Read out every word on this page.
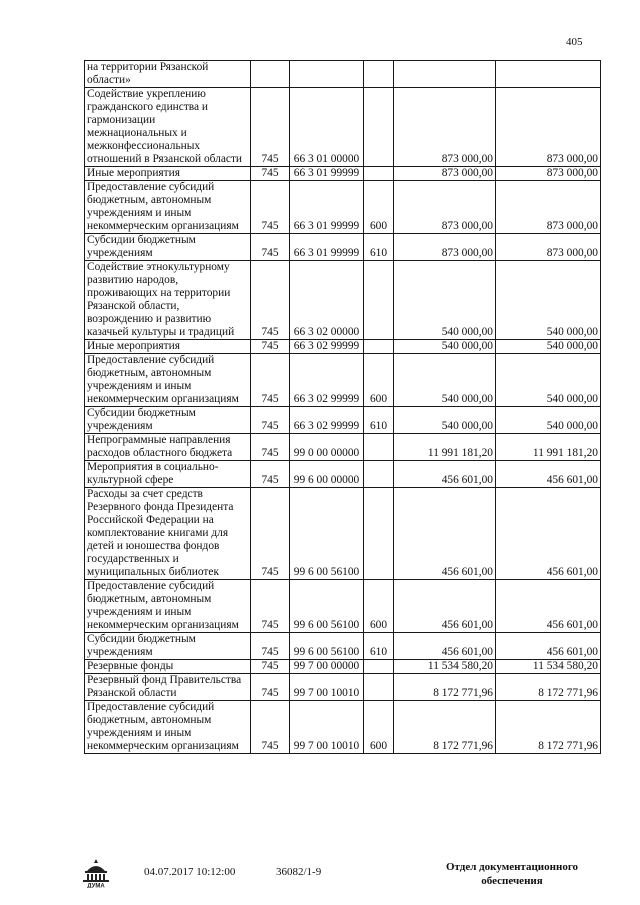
405
на территории Рязанской области»					
Содействие укреплению гражданского единства и гармонизации межнациональных и межконфессиональных отношений в Рязанской области	745	66 3 01 00000		873 000,00	873 000,00
Иные мероприятия	745	66 3 01 99999		873 000,00	873 000,00
Предоставление субсидий бюджетным, автономным учреждениям и иным некоммерческим организациям	745	66 3 01 99999	600	873 000,00	873 000,00
Субсидии бюджетным учреждениям	745	66 3 01 99999	610	873 000,00	873 000,00
Содействие этнокультурному развитию народов, проживающих на территории Рязанской области, возрождению и развитию казачьей культуры и традиций	745	66 3 02 00000		540 000,00	540 000,00
Иные мероприятия	745	66 3 02 99999		540 000,00	540 000,00
Предоставление субсидий бюджетным, автономным учреждениям и иным некоммерческим организациям	745	66 3 02 99999	600	540 000,00	540 000,00
Субсидии бюджетным учреждениям	745	66 3 02 99999	610	540 000,00	540 000,00
Непрограммные направления расходов областного бюджета	745	99 0 00 00000		11 991 181,20	11 991 181,20
Мероприятия в социально-культурной сфере	745	99 6 00 00000		456 601,00	456 601,00
Расходы за счет средств Резервного фонда Президента Российской Федерации на комплектование книгами для детей и юношества фондов государственных и муниципальных библиотек	745	99 6 00 56100		456 601,00	456 601,00
Предоставление субсидий бюджетным, автономным учреждениям и иным некоммерческим организациям	745	99 6 00 56100	600	456 601,00	456 601,00
Субсидии бюджетным учреждениям	745	99 6 00 56100	610	456 601,00	456 601,00
Резервные фонды	745	99 7 00 00000		11 534 580,20	11 534 580,20
Резервный фонд Правительства Рязанской области	745	99 7 00 10010		8 172 771,96	8 172 771,96
Предоставление субсидий бюджетным, автономным учреждениям и иным некоммерческим организациям	745	99 7 00 10010	600	8 172 771,96	8 172 771,96
ДУМА
04.07.2017 10:12:00	36082/1-9	Отдел документационного
обеспечения
